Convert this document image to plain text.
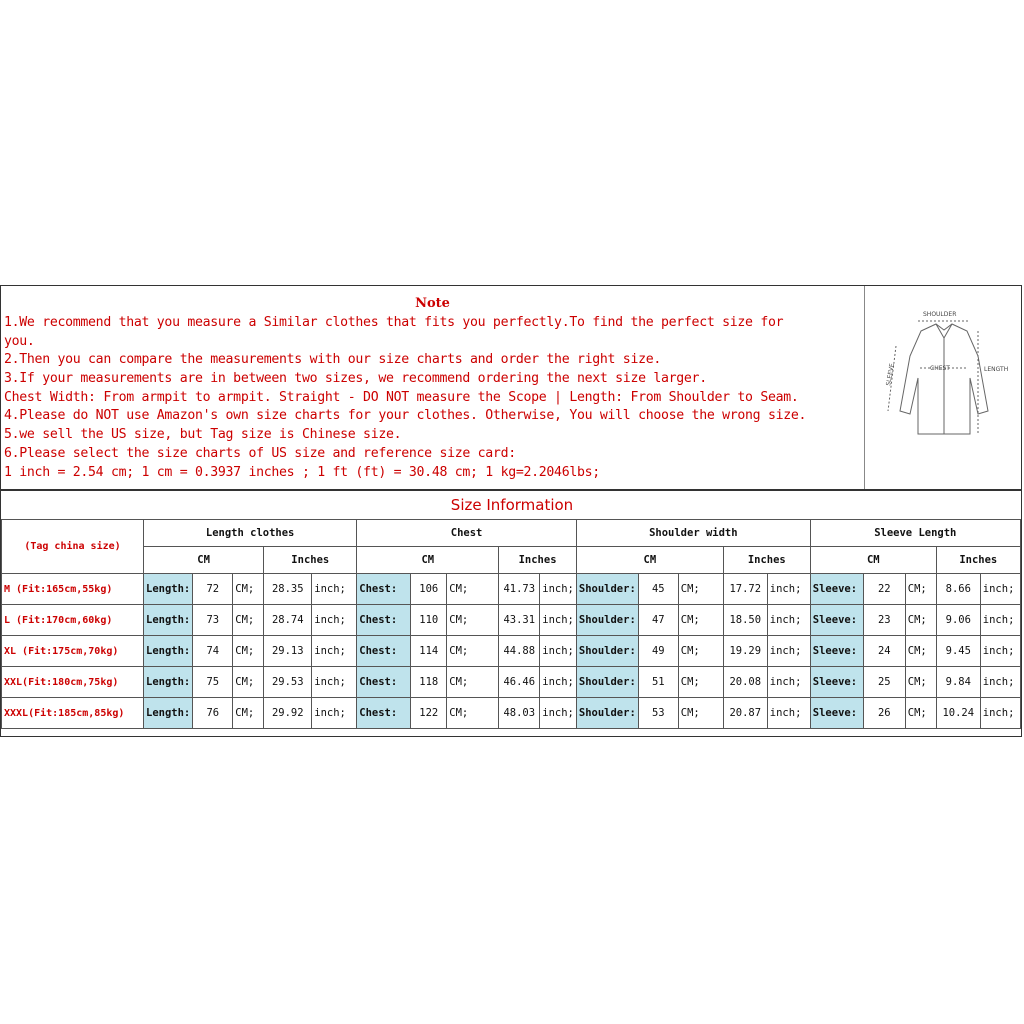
Note
1.We recommend that you measure a Similar clothes that fits you perfectly.To find the perfect size for
you.
2.Then you can compare the measurements with our size charts and order the right size.
3.If your measurements are in between two sizes, we recommend ordering the next size larger.
Chest Width: From armpit to armpit. Straight - DO NOT measure the Scope | Length: From Shoulder to Seam.
4.Please do NOT use Amazon's own size charts for your clothes. Otherwise, You will choose the wrong size.
5.we sell the US size, but Tag size is Chinese size.
6.Please select the size charts of US size and reference size card:
1 inch = 2.54 cm; 1 cm = 0.3937 inches ; 1 ft (ft) = 30.48 cm; 1 kg=2.2046lbs;
SHOULDER
CHEST	LENGTH
SLEEVE
Size Information
(Tag china size)	Length clothes					Chest					Shoulder width					Sleeve Length				
	CM			Inches		CM			Inches		CM			Inches		CM			Inches	
M (Fit:165cm,55kg)	Length:	72	CM;	28.35	inch;	Chest:	106	CM;	41.73	inch;	Shoulder:	45	CM;	17.72	inch;	Sleeve:	22	CM;	8.66	inch;
L (Fit:170cm,60kg)	Length:	73	CM;	28.74	inch;	Chest:	110	CM;	43.31	inch;	Shoulder:	47	CM;	18.50	inch;	Sleeve:	23	CM;	9.06	inch;
XL (Fit:175cm,70kg)	Length:	74	CM;	29.13	inch;	Chest:	114	CM;	44.88	inch;	Shoulder:	49	CM;	19.29	inch;	Sleeve:	24	CM;	9.45	inch;
XXL(Fit:180cm,75kg)	Length:	75	CM;	29.53	inch;	Chest:	118	CM;	46.46	inch;	Shoulder:	51	CM;	20.08	inch;	Sleeve:	25	CM;	9.84	inch;
XXXL(Fit:185cm,85kg)	Length:	76	CM;	29.92	inch;	Chest:	122	CM;	48.03	inch;	Shoulder:	53	CM;	20.87	inch;	Sleeve:	26	CM;	10.24	inch;
